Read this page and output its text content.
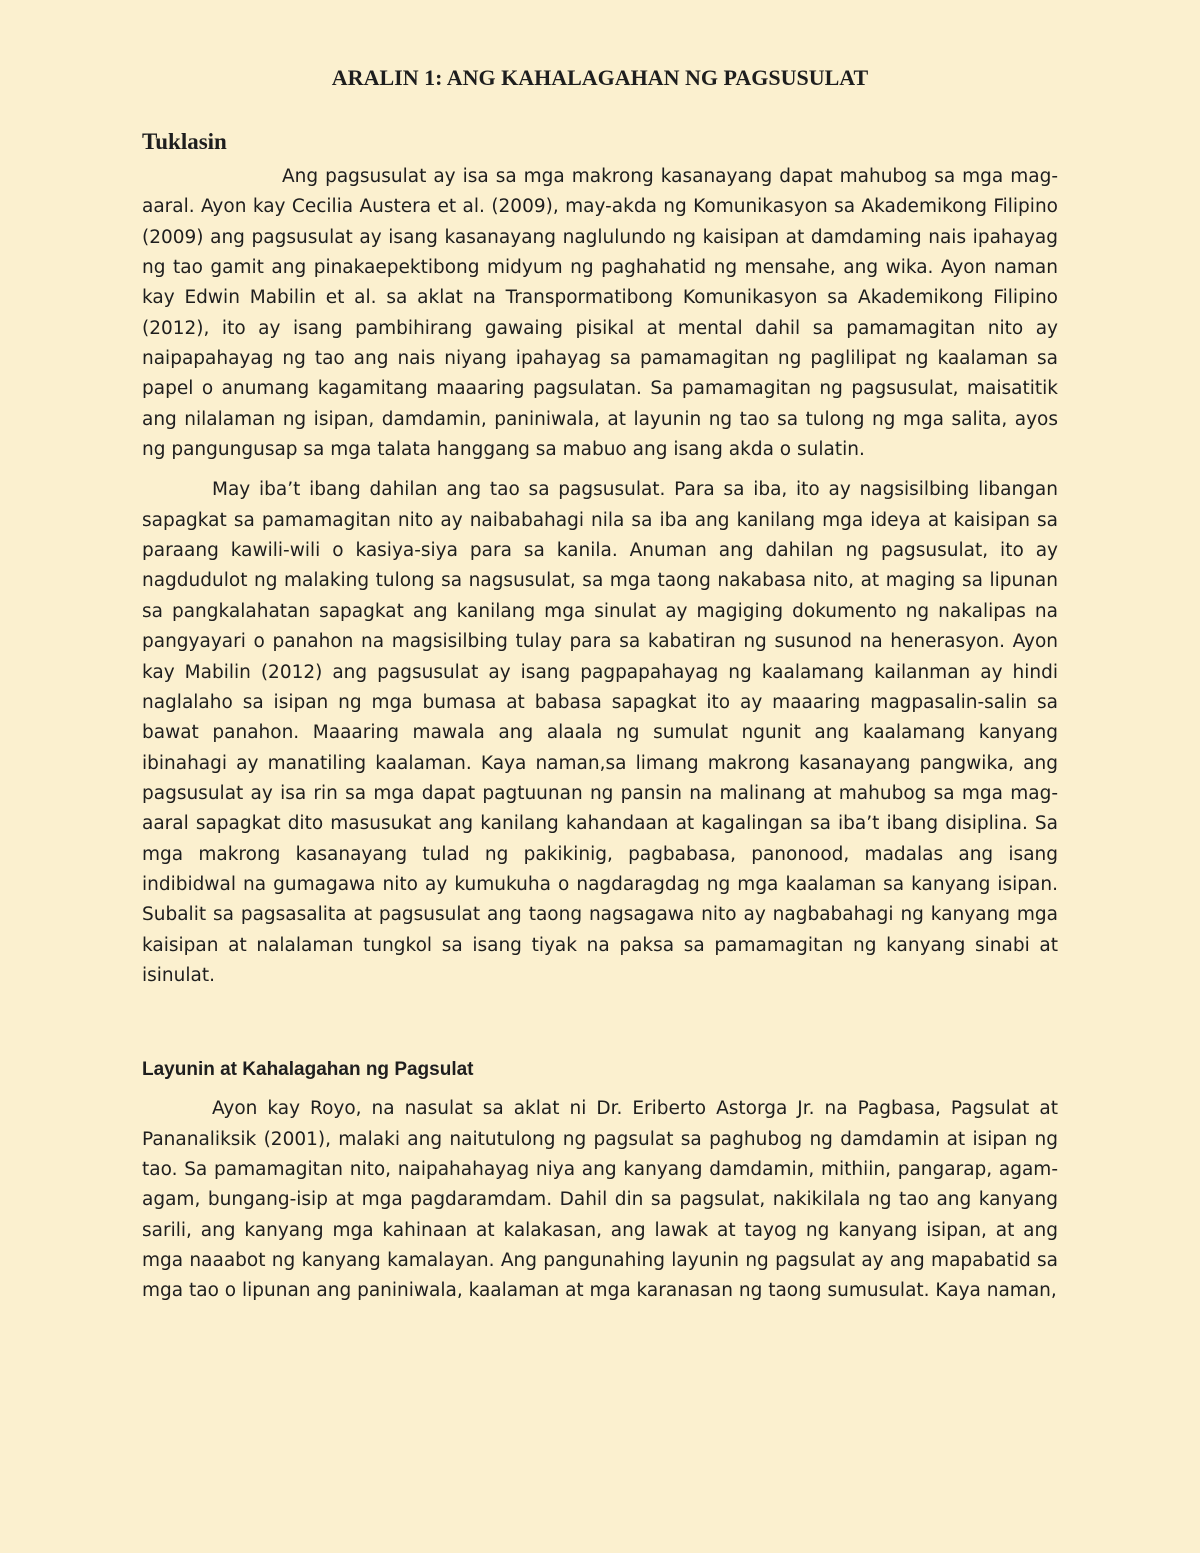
ARALIN 1: ANG KAHALAGAHAN NG PAGSUSULAT
Tuklasin

Ang pagsusulat ay isa sa mga makrong kasanayang dapat mahubog sa mga mag-aaral. Ayon kay Cecilia Austera et al. (2009), may-akda ng Komunikasyon sa Akademikong Filipino (2009) ang pagsusulat ay isang kasanayang naglulundo ng kaisipan at damdaming nais ipahayag ng tao gamit ang pinakaepektibong midyum ng paghahatid ng mensahe, ang wika. Ayon naman kay Edwin Mabilin et al. sa aklat na Transpormatibong Komunikasyon sa Akademikong Filipino (2012), ito ay isang pambihirang gawaing pisikal at mental dahil sa pamamagitan nito ay naipapahayag ng tao ang nais niyang ipahayag sa pamamagitan ng paglilipat ng kaalaman sa papel o anumang kagamitang maaaring pagsulatan. Sa pamamagitan ng pagsusulat, maisatitik ang nilalaman ng isipan, damdamin, paniniwala, at layunin ng tao sa tulong ng mga salita, ayos ng pangungusap sa mga talata hanggang sa mabuo ang isang akda o sulatin.

May iba’t ibang dahilan ang tao sa pagsusulat. Para sa iba, ito ay nagsisilbing libangan sapagkat sa pamamagitan nito ay naibabahagi nila sa iba ang kanilang mga ideya at kaisipan sa paraang kawili-wili o kasiya-siya para sa kanila. Anuman ang dahilan ng pagsusulat, ito ay nagdudulot ng malaking tulong sa nagsusulat, sa mga taong nakabasa nito, at maging sa lipunan sa pangkalahatan sapagkat ang kanilang mga sinulat ay magiging dokumento ng nakalipas na pangyayari o panahon na magsisilbing tulay para sa kabatiran ng susunod na henerasyon. Ayon kay Mabilin (2012) ang pagsusulat ay isang pagpapahayag ng kaalamang kailanman ay hindi naglalaho sa isipan ng mga bumasa at babasa sapagkat ito ay maaaring magpasalin-salin sa bawat panahon. Maaaring mawala ang alaala ng sumulat ngunit ang kaalamang kanyang ibinahagi ay manatiling kaalaman. Kaya naman,sa limang makrong kasanayang pangwika, ang pagsusulat ay isa rin sa mga dapat pagtuunan ng pansin na malinang at mahubog sa mga mag-aaral sapagkat dito masusukat ang kanilang kahandaan at kagalingan sa iba’t ibang disiplina. Sa mga makrong kasanayang tulad ng pakikinig, pagbabasa, panonood, madalas ang isang indibidwal na gumagawa nito ay kumukuha o nagdaragdag ng mga kaalaman sa kanyang isipan. Subalit sa pagsasalita at pagsusulat ang taong nagsagawa nito ay nagbabahagi ng kanyang mga kaisipan at nalalaman tungkol sa isang tiyak na paksa sa pamamagitan ng kanyang sinabi at isinulat.

Layunin at Kahalagahan ng Pagsulat

Ayon kay Royo, na nasulat sa aklat ni Dr. Eriberto Astorga Jr. na Pagbasa, Pagsulat at Pananaliksik (2001), malaki ang naitutulong ng pagsulat sa paghubog ng damdamin at isipan ng tao. Sa pamamagitan nito, naipahahayag niya ang kanyang damdamin, mithiin, pangarap, agam-agam, bungang-isip at mga pagdaramdam. Dahil din sa pagsulat, nakikilala ng tao ang kanyang sarili, ang kanyang mga kahinaan at kalakasan, ang lawak at tayog ng kanyang isipan, at ang mga naaabot ng kanyang kamalayan. Ang pangunahing layunin ng pagsulat ay ang mapabatid sa mga tao o lipunan ang paniniwala, kaalaman at mga karanasan ng taong sumusulat. Kaya naman,
